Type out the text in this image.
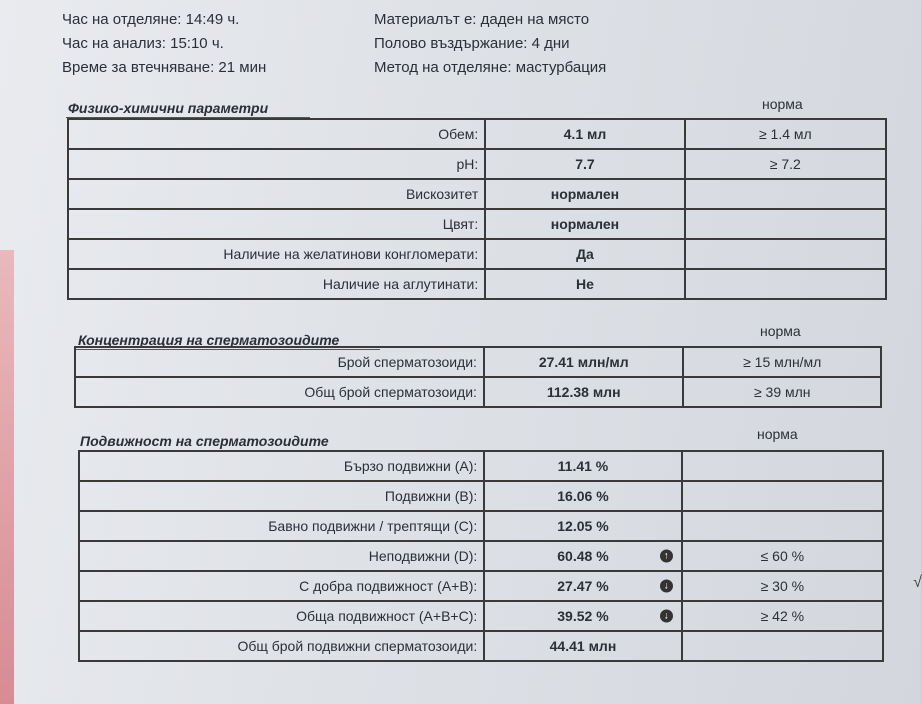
Час на отделяне: 14:49 ч.
Час на анализ: 15:10 ч.
Време за втечняване: 21 мин
Материалът е: даден на място
Полово въздържание: 4 дни
Метод на отделяне: мастурбация
Физико-химични параметри	норма
Обем:	4.1 мл	≥ 1.4 мл
pH:	7.7	≥ 7.2
Вискозитет	нормален	
Цвят:	нормален	
Наличие на желатинови конгломерати:	Да	
Наличие на аглутинати:	Не	
Концентрация на сперматозоидите
норма
Брой сперматозоиди:	27.41 млн/мл	≥ 15 млн/мл
Общ брой сперматозоиди:	112.38 млн	≥ 39 млн
Подвижност на сперматозоидите	норма
Бързо подвижни (A):	11.41 %	
Подвижни (B):	16.06 %	
Бавно подвижни / трептящи (C):	12.05 %	
Неподвижни (D):	60.48 % ↑	≤ 60 %
С добра подвижност (A+B):	27.47 % ↓	≥ 30 % √

Обща подвижност (A+B+C):	39.52 % ↓	≥ 42 %
Общ брой подвижни сперматозоиди:	44.41 млн	
